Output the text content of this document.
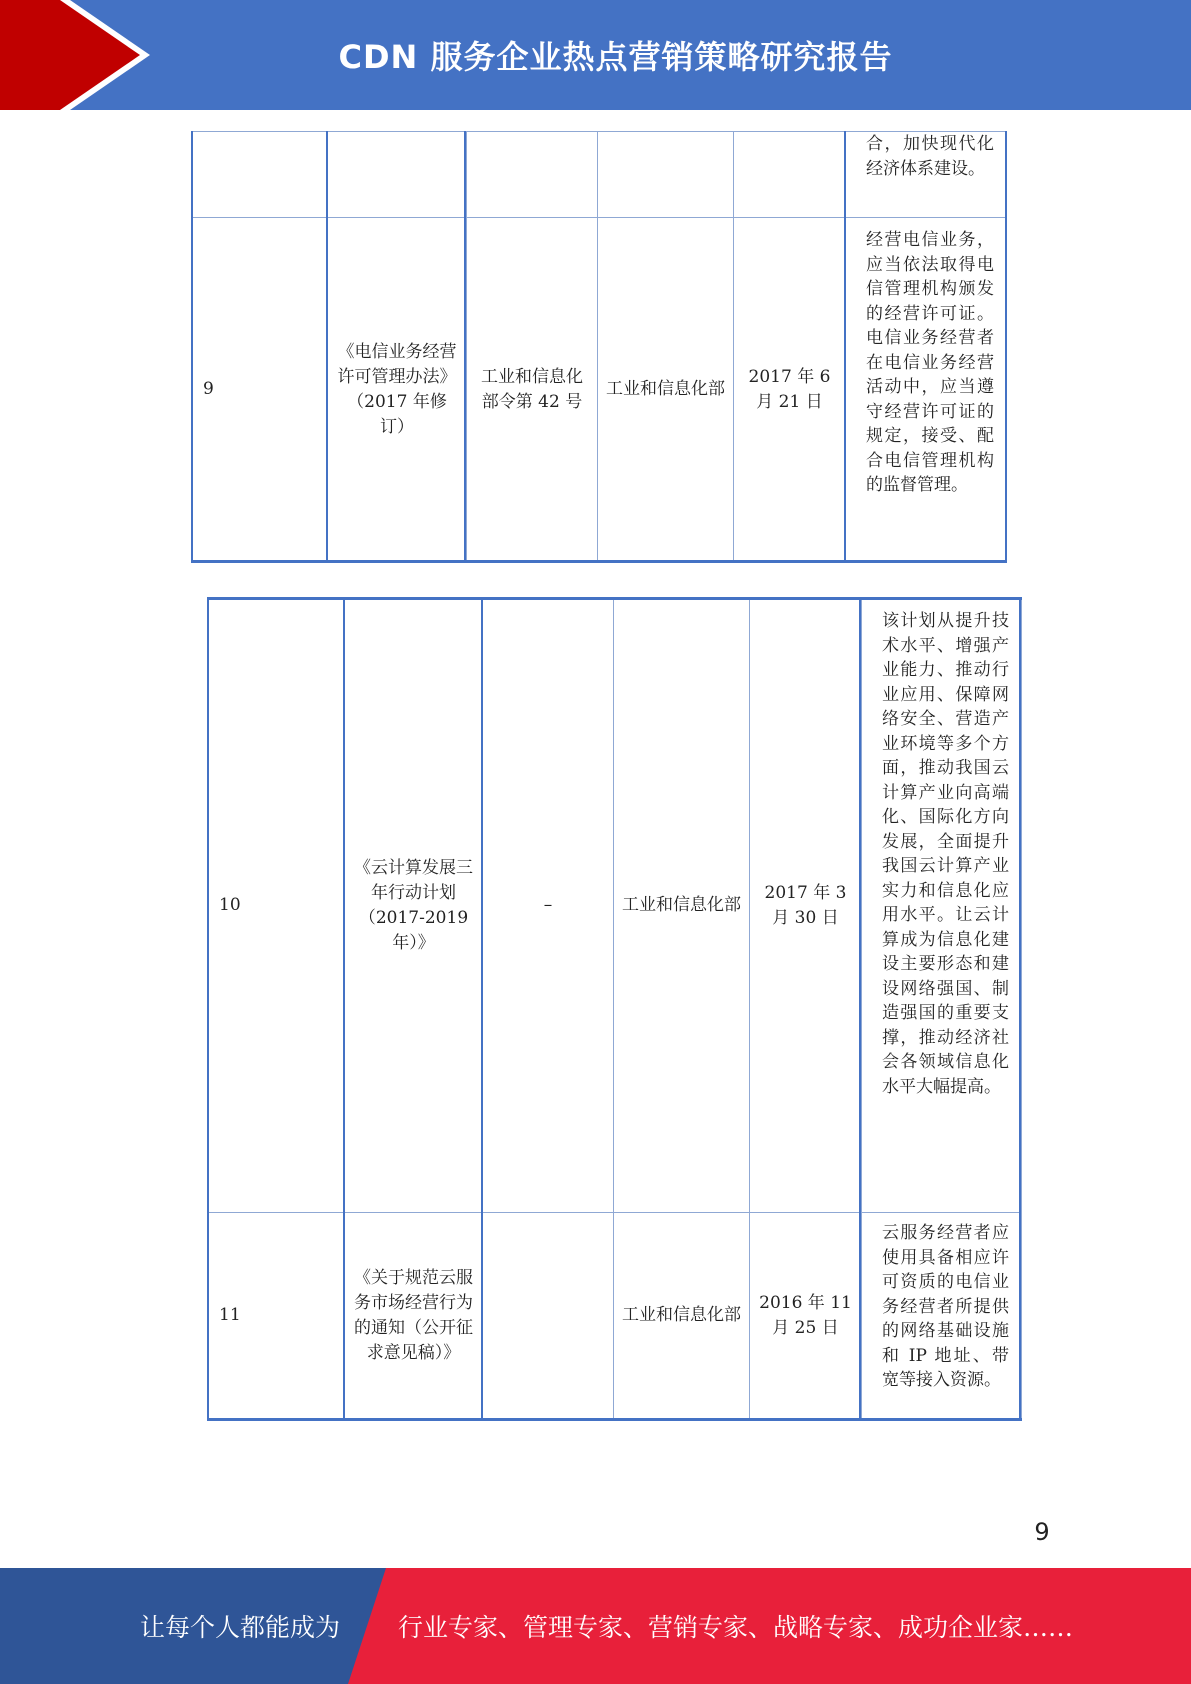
CDN 服务企业热点营销策略研究报告
					合，加快现代化经济体系建设。
9	《电信业务经营许可管理办法》（2017 年修订）	工业和信息化部令第 42 号	工业和信息化部	2017 年 6 月 21 日	经营电信业务，应当依法取得电信管理机构颁发的经营许可证。电信业务经营者在电信业务经营活动中，应当遵守经营许可证的规定，接受、配合电信管理机构的监督管理。
10	《云计算发展三年行动计划（2017-2019 年）》	–	工业和信息化部	2017 年 3 月 30 日	该计划从提升技术水平、增强产业能力、推动行业应用、保障网络安全、营造产业环境等多个方面，推动我国云计算产业向高端化、国际化方向发展，全面提升我国云计算产业实力和信息化应用水平。让云计算成为信息化建设主要形态和建设网络强国、制造强国的重要支撑，推动经济社会各领域信息化水平大幅提高。
11	《关于规范云服务市场经营行为的通知（公开征求意见稿）》		工业和信息化部	2016 年 11 月 25 日	云服务经营者应使用具备相应许可资质的电信业务经营者所提供的网络基础设施和 IP 地址、带宽等接入资源。
9
让每个人都能成为 行业专家、管理专家、营销专家、战略专家、成功企业家……
